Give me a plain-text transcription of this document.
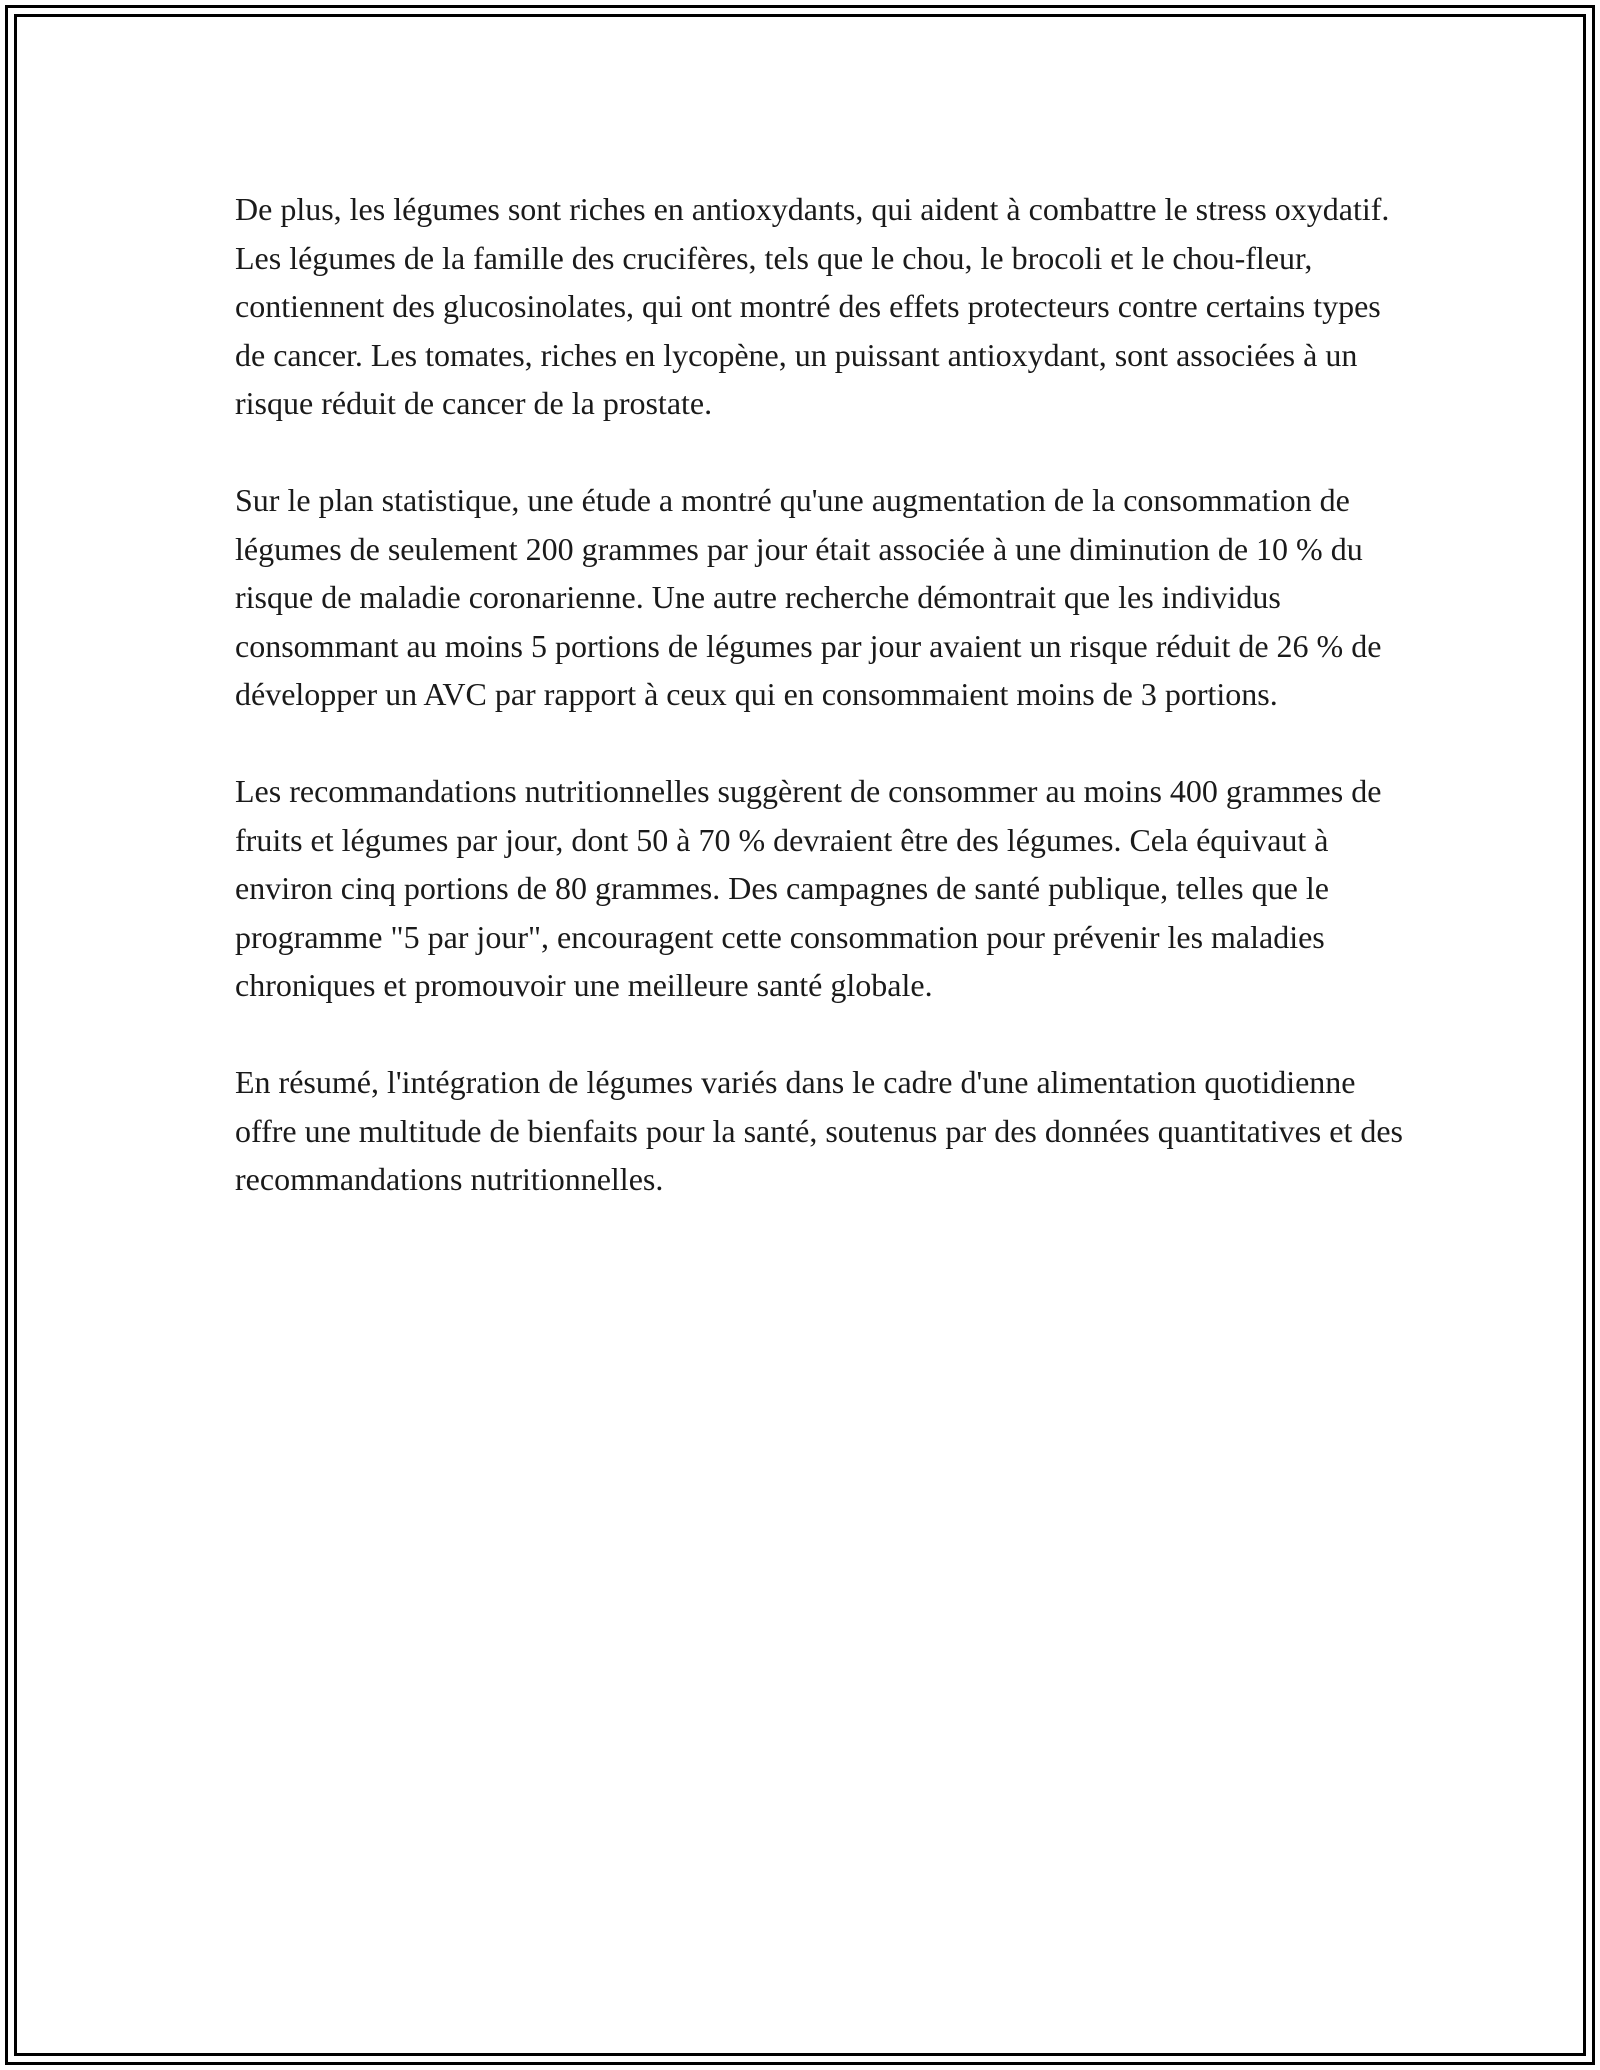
De plus, les légumes sont riches en antioxydants, qui aident à combattre le stress oxydatif. Les légumes de la famille des crucifères, tels que le chou, le brocoli et le chou-fleur, contiennent des glucosinolates, qui ont montré des effets protecteurs contre certains types de cancer. Les tomates, riches en lycopène, un puissant antioxydant, sont associées à un risque réduit de cancer de la prostate.

Sur le plan statistique, une étude a montré qu'une augmentation de la consommation de légumes de seulement 200 grammes par jour était associée à une diminution de 10 % du risque de maladie coronarienne. Une autre recherche démontrait que les individus consommant au moins 5 portions de légumes par jour avaient un risque réduit de 26 % de développer un AVC par rapport à ceux qui en consommaient moins de 3 portions.

Les recommandations nutritionnelles suggèrent de consommer au moins 400 grammes de fruits et légumes par jour, dont 50 à 70 % devraient être des légumes. Cela équivaut à environ cinq portions de 80 grammes. Des campagnes de santé publique, telles que le programme "5 par jour", encouragent cette consommation pour prévenir les maladies chroniques et promouvoir une meilleure santé globale.

En résumé, l'intégration de légumes variés dans le cadre d'une alimentation quotidienne offre une multitude de bienfaits pour la santé, soutenus par des données quantitatives et des recommandations nutritionnelles.
